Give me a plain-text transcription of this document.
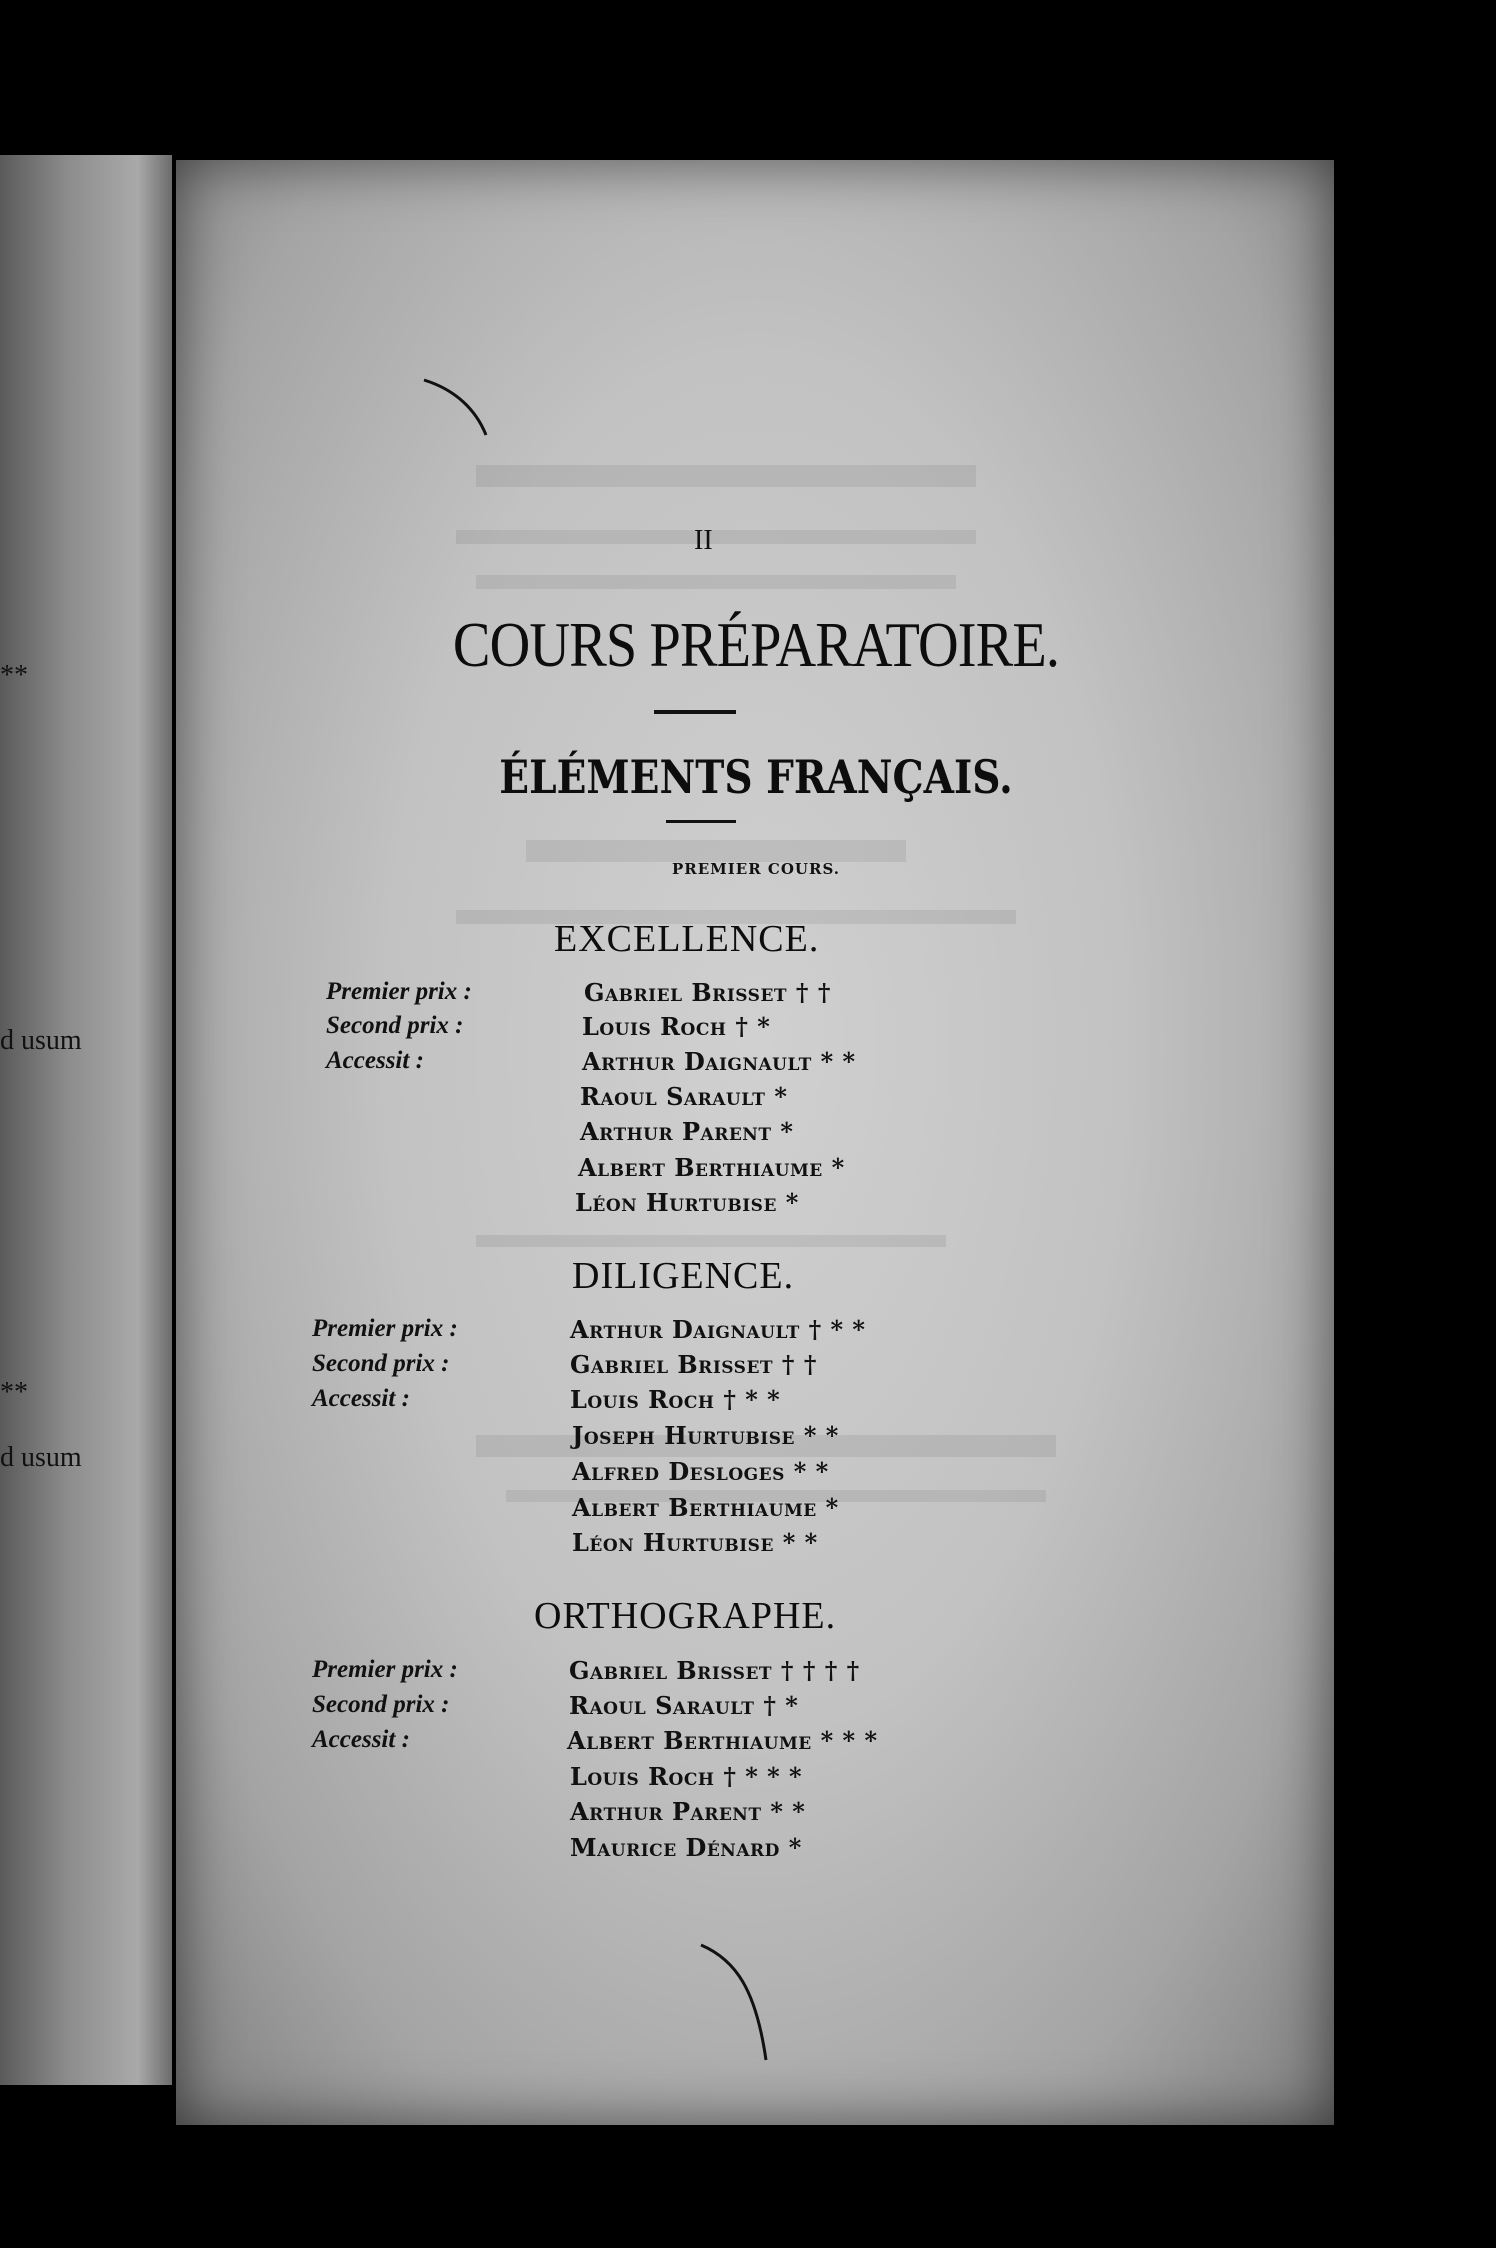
**
d usum
**
d usum
II
COURS PRÉPARATOIRE.
ÉLÉMENTS FRANÇAIS.
PREMIER COURS.
EXCELLENCE.
Premier prix :	Gabriel Brisset † †
Second prix :	Louis Roch † *
Accessit :	Arthur Daignault * *
Raoul Sarault *
Arthur Parent *
Albert Berthiaume *
Léon Hurtubise *
DILIGENCE.
Premier prix :	Arthur Daignault † * *
Second prix :	Gabriel Brisset † †
Accessit :	Louis Roch † * *
Joseph Hurtubise * *
Alfred Desloges * *
Albert Berthiaume *
Léon Hurtubise * *
ORTHOGRAPHE.
Premier prix :	Gabriel Brisset † † † †
Second prix :	Raoul Sarault † *
Accessit :	Albert Berthiaume * * *
Louis Roch † * * *
Arthur Parent * *
Maurice Dénard *
